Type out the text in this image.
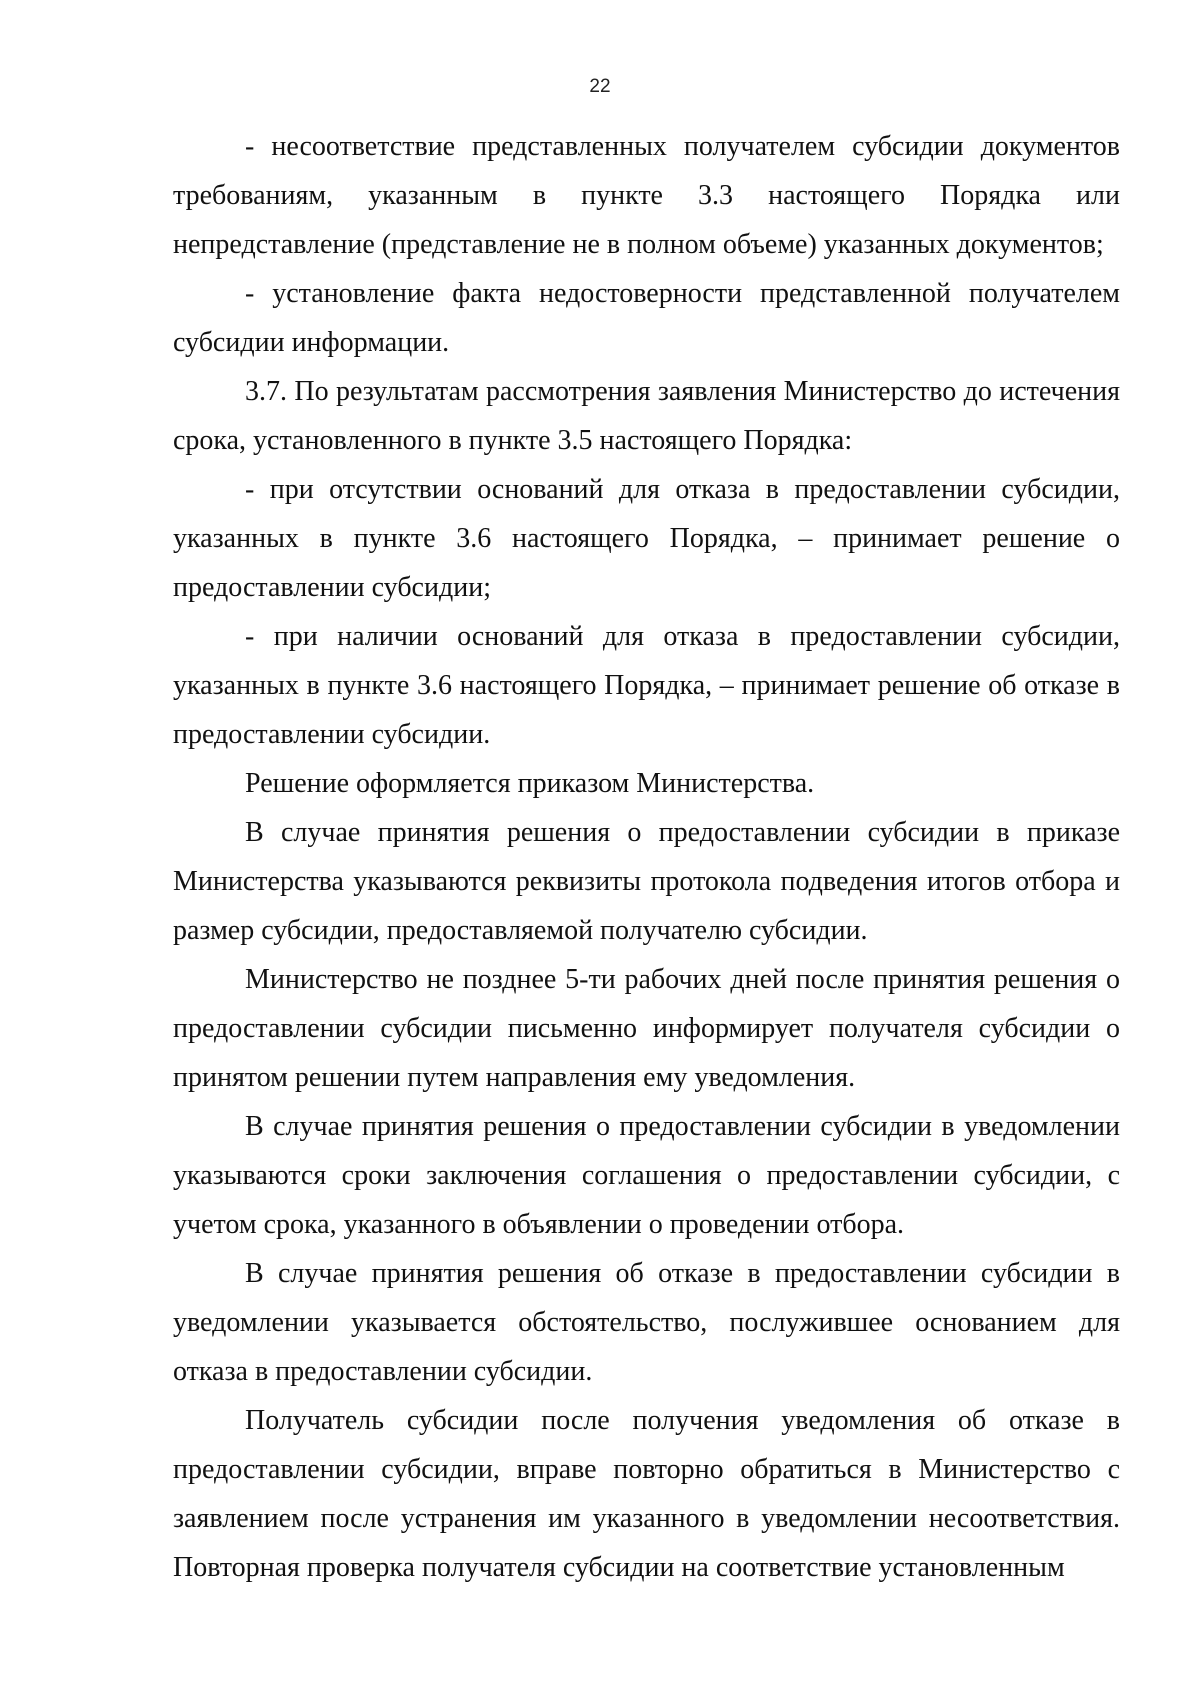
22

- несоответствие представленных получателем субсидии документов требованиям, указанным в пункте 3.3 настоящего Порядка или непредставление (представление не в полном объеме) указанных документов;

- установление факта недостоверности представленной получателем субсидии информации.

3.7. По результатам рассмотрения заявления Министерство до истечения срока, установленного в пункте 3.5 настоящего Порядка:

- при отсутствии оснований для отказа в предоставлении субсидии, указанных в пункте 3.6 настоящего Порядка, – принимает решение о предоставлении субсидии;

- при наличии оснований для отказа в предоставлении субсидии, указанных в пункте 3.6 настоящего Порядка, – принимает решение об отказе в предоставлении субсидии.

Решение оформляется приказом Министерства.

В случае принятия решения о предоставлении субсидии в приказе Министерства указываются реквизиты протокола подведения итогов отбора и размер субсидии, предоставляемой получателю субсидии.

Министерство не позднее 5-ти рабочих дней после принятия решения о предоставлении субсидии письменно информирует получателя субсидии о принятом решении путем направления ему уведомления.

В случае принятия решения о предоставлении субсидии в уведомлении указываются сроки заключения соглашения о предоставлении субсидии, с учетом срока, указанного в объявлении о проведении отбора.

В случае принятия решения об отказе в предоставлении субсидии в уведомлении указывается обстоятельство, послужившее основанием для отказа в предоставлении субсидии.

Получатель субсидии после получения уведомления об отказе в предоставлении субсидии, вправе повторно обратиться в Министерство с заявлением после устранения им указанного в уведомлении несоответствия. Повторная проверка получателя субсидии на соответствие установленным
